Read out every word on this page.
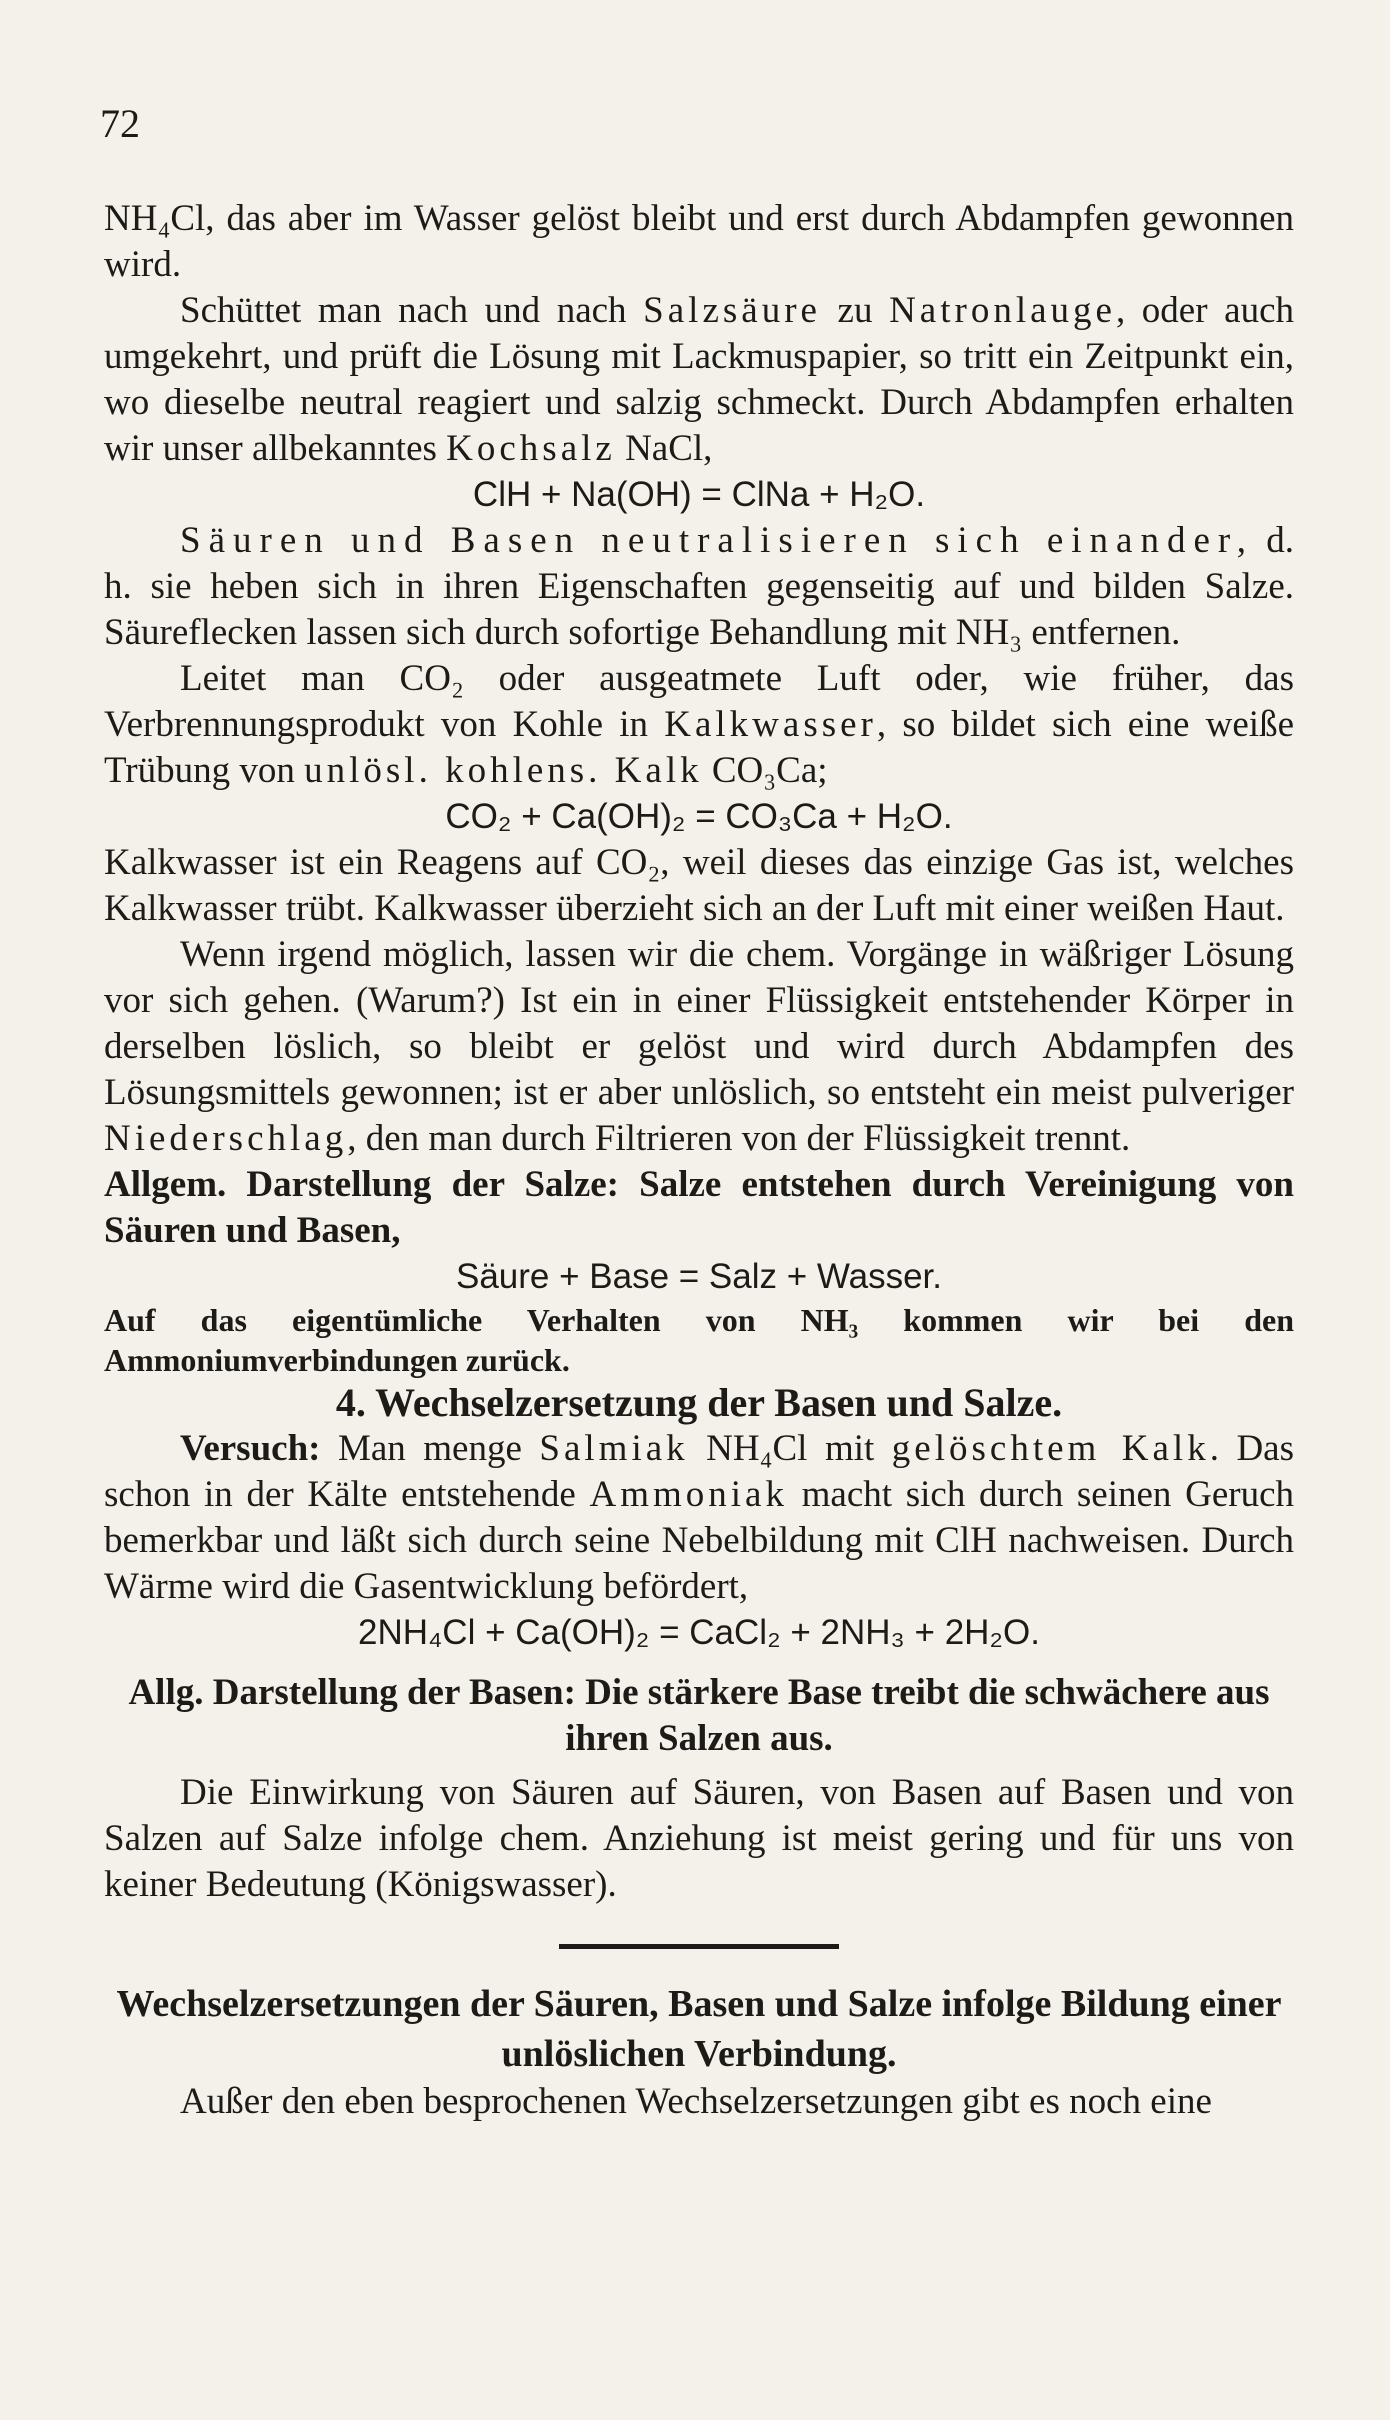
72

NH₄Cl, das aber im Wasser gelöst bleibt und erst durch Abdampfen gewonnen wird.

Schüttet man nach und nach Salzsäure zu Natronlauge, oder auch umgekehrt, und prüft die Lösung mit Lackmuspapier, so tritt ein Zeitpunkt ein, wo dieselbe neutral reagiert und salzig schmeckt. Durch Abdampfen erhalten wir unser allbekanntes Kochsalz NaCl,

ClH + Na(OH) = ClNa + H₂O.

Säuren und Basen neutralisieren sich einander, d. h. sie heben sich in ihren Eigenschaften gegenseitig auf und bilden Salze. Säureflecken lassen sich durch sofortige Behandlung mit NH₃ entfernen.

Leitet man CO₂ oder ausgeatmete Luft oder, wie früher, das Verbrennungsprodukt von Kohle in Kalkwasser, so bildet sich eine weiße Trübung von unlösl. kohlens. Kalk CO₃Ca;

CO₂ + Ca(OH)₂ = CO₃Ca + H₂O.

Kalkwasser ist ein Reagens auf CO₂, weil dieses das einzige Gas ist, welches Kalkwasser trübt. Kalkwasser überzieht sich an der Luft mit einer weißen Haut.

Wenn irgend möglich, lassen wir die chem. Vorgänge in wäßriger Lösung vor sich gehen. (Warum?) Ist ein in einer Flüssigkeit entstehender Körper in derselben löslich, so bleibt er gelöst und wird durch Abdampfen des Lösungsmittels gewonnen; ist er aber unlöslich, so entsteht ein meist pulveriger Niederschlag, den man durch Filtrieren von der Flüssigkeit trennt.

Allgem. Darstellung der Salze: Salze entstehen durch Vereinigung von Säuren und Basen,

Säure + Base = Salz + Wasser.

Auf das eigentümliche Verhalten von NH₃ kommen wir bei den Ammoniumverbindungen zurück.

4. Wechselzersetzung der Basen und Salze.

Versuch: Man menge Salmiak NH₄Cl mit gelöschtem Kalk. Das schon in der Kälte entstehende Ammoniak macht sich durch seinen Geruch bemerkbar und läßt sich durch seine Nebelbildung mit ClH nachweisen. Durch Wärme wird die Gasentwicklung befördert,

2NH₄Cl + Ca(OH)₂ = CaCl₂ + 2NH₃ + 2H₂O.

Allg. Darstellung der Basen: Die stärkere Base treibt die schwächere aus ihren Salzen aus.

Die Einwirkung von Säuren auf Säuren, von Basen auf Basen und von Salzen auf Salze infolge chem. Anziehung ist meist gering und für uns von keiner Bedeutung (Königswasser).

Wechselzersetzungen der Säuren, Basen und Salze infolge Bildung einer unlöslichen Verbindung.

Außer den eben besprochenen Wechselzersetzungen gibt es noch eine
